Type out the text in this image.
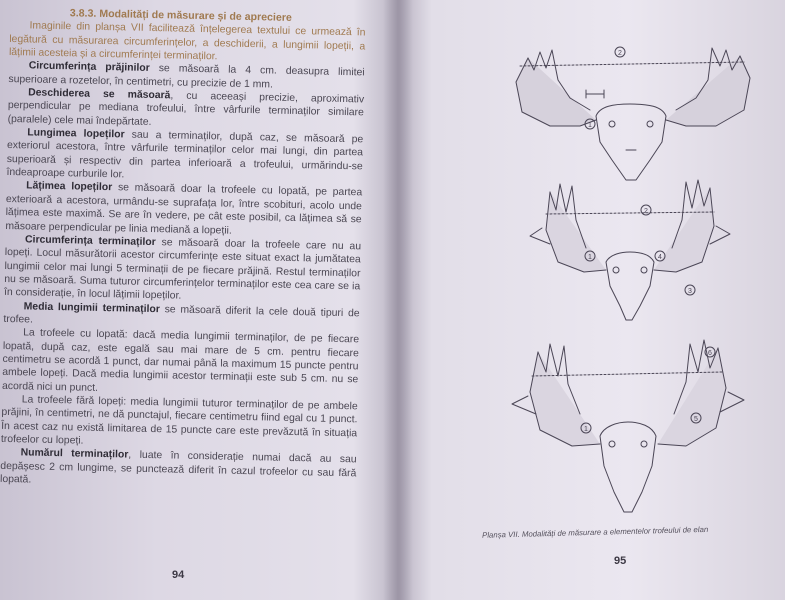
3.8.3. Modalități de măsurare și de apreciere

Imaginile din planșa VII facilitează înțelegerea textului ce urmează în legătură cu măsurarea circumferințelor, a deschiderii, a lungimii lopeții, a lățimii acesteia și a circumferinței terminaților.

Circumferința prăjinilor se măsoară la 4 cm. deasupra limitei superioare a rozetelor, în centimetri, cu precizie de 1 mm.

Deschiderea se măsoară, cu aceeași precizie, aproximativ perpendicular pe mediana trofeului, între vârfurile terminaților similare (paralele) cele mai îndepărtate.

Lungimea lopeților sau a terminaților, după caz, se măsoară pe exteriorul acestora, între vârfurile terminaților celor mai lungi, din partea superioară și respectiv din partea inferioară a trofeului, urmărindu-se îndeaproape curburile lor.

Lățimea lopeților se măsoară doar la trofeele cu lopată, pe partea exterioară a acestora, urmându-se suprafața lor, între scobituri, acolo unde lățimea este maximă. Se are în vedere, pe cât este posibil, ca lățimea să se măsoare perpendicular pe linia mediană a lopeții.

Circumferința terminaților se măsoară doar la trofeele care nu au lopeți. Locul măsurătorii acestor circumferințe este situat exact la jumătatea lungimii celor mai lungi 5 terminații de pe fiecare prăjină. Restul terminaților nu se măsoară. Suma tuturor circumferințelor terminaților este cea care se ia în considerație, în locul lățimii lopeților.

Media lungimii terminaților se măsoară diferit la cele două tipuri de trofee.

La trofeele cu lopată: dacă media lungimii terminaților, de pe fiecare lopată, după caz, este egală sau mai mare de 5 cm. pentru fiecare centimetru se acordă 1 punct, dar numai până la maximum 15 puncte pentru ambele lopeți. Dacă media lungimii acestor terminații este sub 5 cm. nu se acordă nici un punct.

La trofeele fără lopeți: media lungimii tuturor terminaților de pe ambele prăjini, în centimetri, ne dă punctajul, fiecare centimetru fiind egal cu 1 punct. În acest caz nu există limitarea de 15 puncte care este prevăzută în situația trofeelor cu lopeți.

Numărul terminaților, luate în considerație numai dacă au sau depășesc 2 cm lungime, se punctează diferit în cazul trofeelor cu sau fără lopată.

94
2
1
2
1	4
3
6
1
5
Planșa VII. Modalități de măsurare a elementelor trofeului de elan
95
